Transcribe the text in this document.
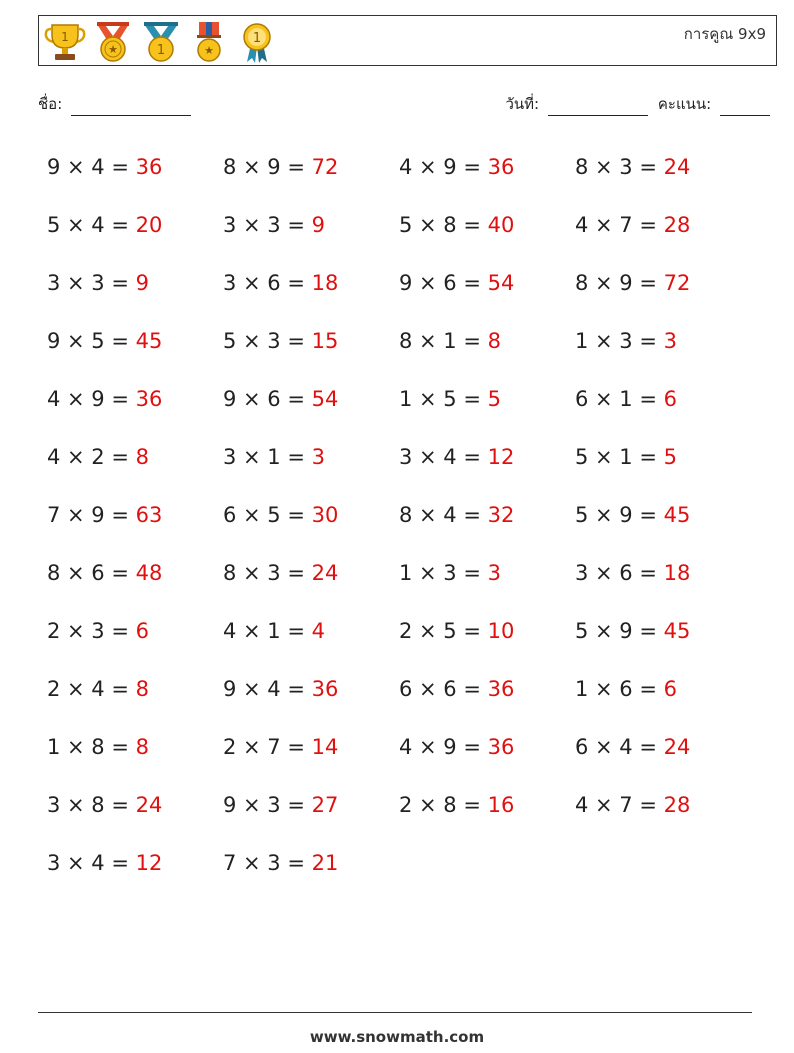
1
★	1	★
1	การคูณ 9x9
ชื่อ:	วันที่:	คะแนน:
9 × 4 = 36	8 × 9 = 72	4 × 9 = 36	8 × 3 = 24
5 × 4 = 20	3 × 3 = 9	5 × 8 = 40	4 × 7 = 28
3 × 3 = 9	3 × 6 = 18	9 × 6 = 54	8 × 9 = 72
9 × 5 = 45	5 × 3 = 15	8 × 1 = 8	1 × 3 = 3
4 × 9 = 36	9 × 6 = 54	1 × 5 = 5	6 × 1 = 6
4 × 2 = 8	3 × 1 = 3	3 × 4 = 12	5 × 1 = 5
7 × 9 = 63	6 × 5 = 30	8 × 4 = 32	5 × 9 = 45
8 × 6 = 48	8 × 3 = 24	1 × 3 = 3	3 × 6 = 18
2 × 3 = 6	4 × 1 = 4	2 × 5 = 10	5 × 9 = 45
2 × 4 = 8	9 × 4 = 36	6 × 6 = 36	1 × 6 = 6
1 × 8 = 8	2 × 7 = 14	4 × 9 = 36	6 × 4 = 24
3 × 8 = 24	9 × 3 = 27	2 × 8 = 16	4 × 7 = 28
3 × 4 = 12	7 × 3 = 21
www.snowmath.com
